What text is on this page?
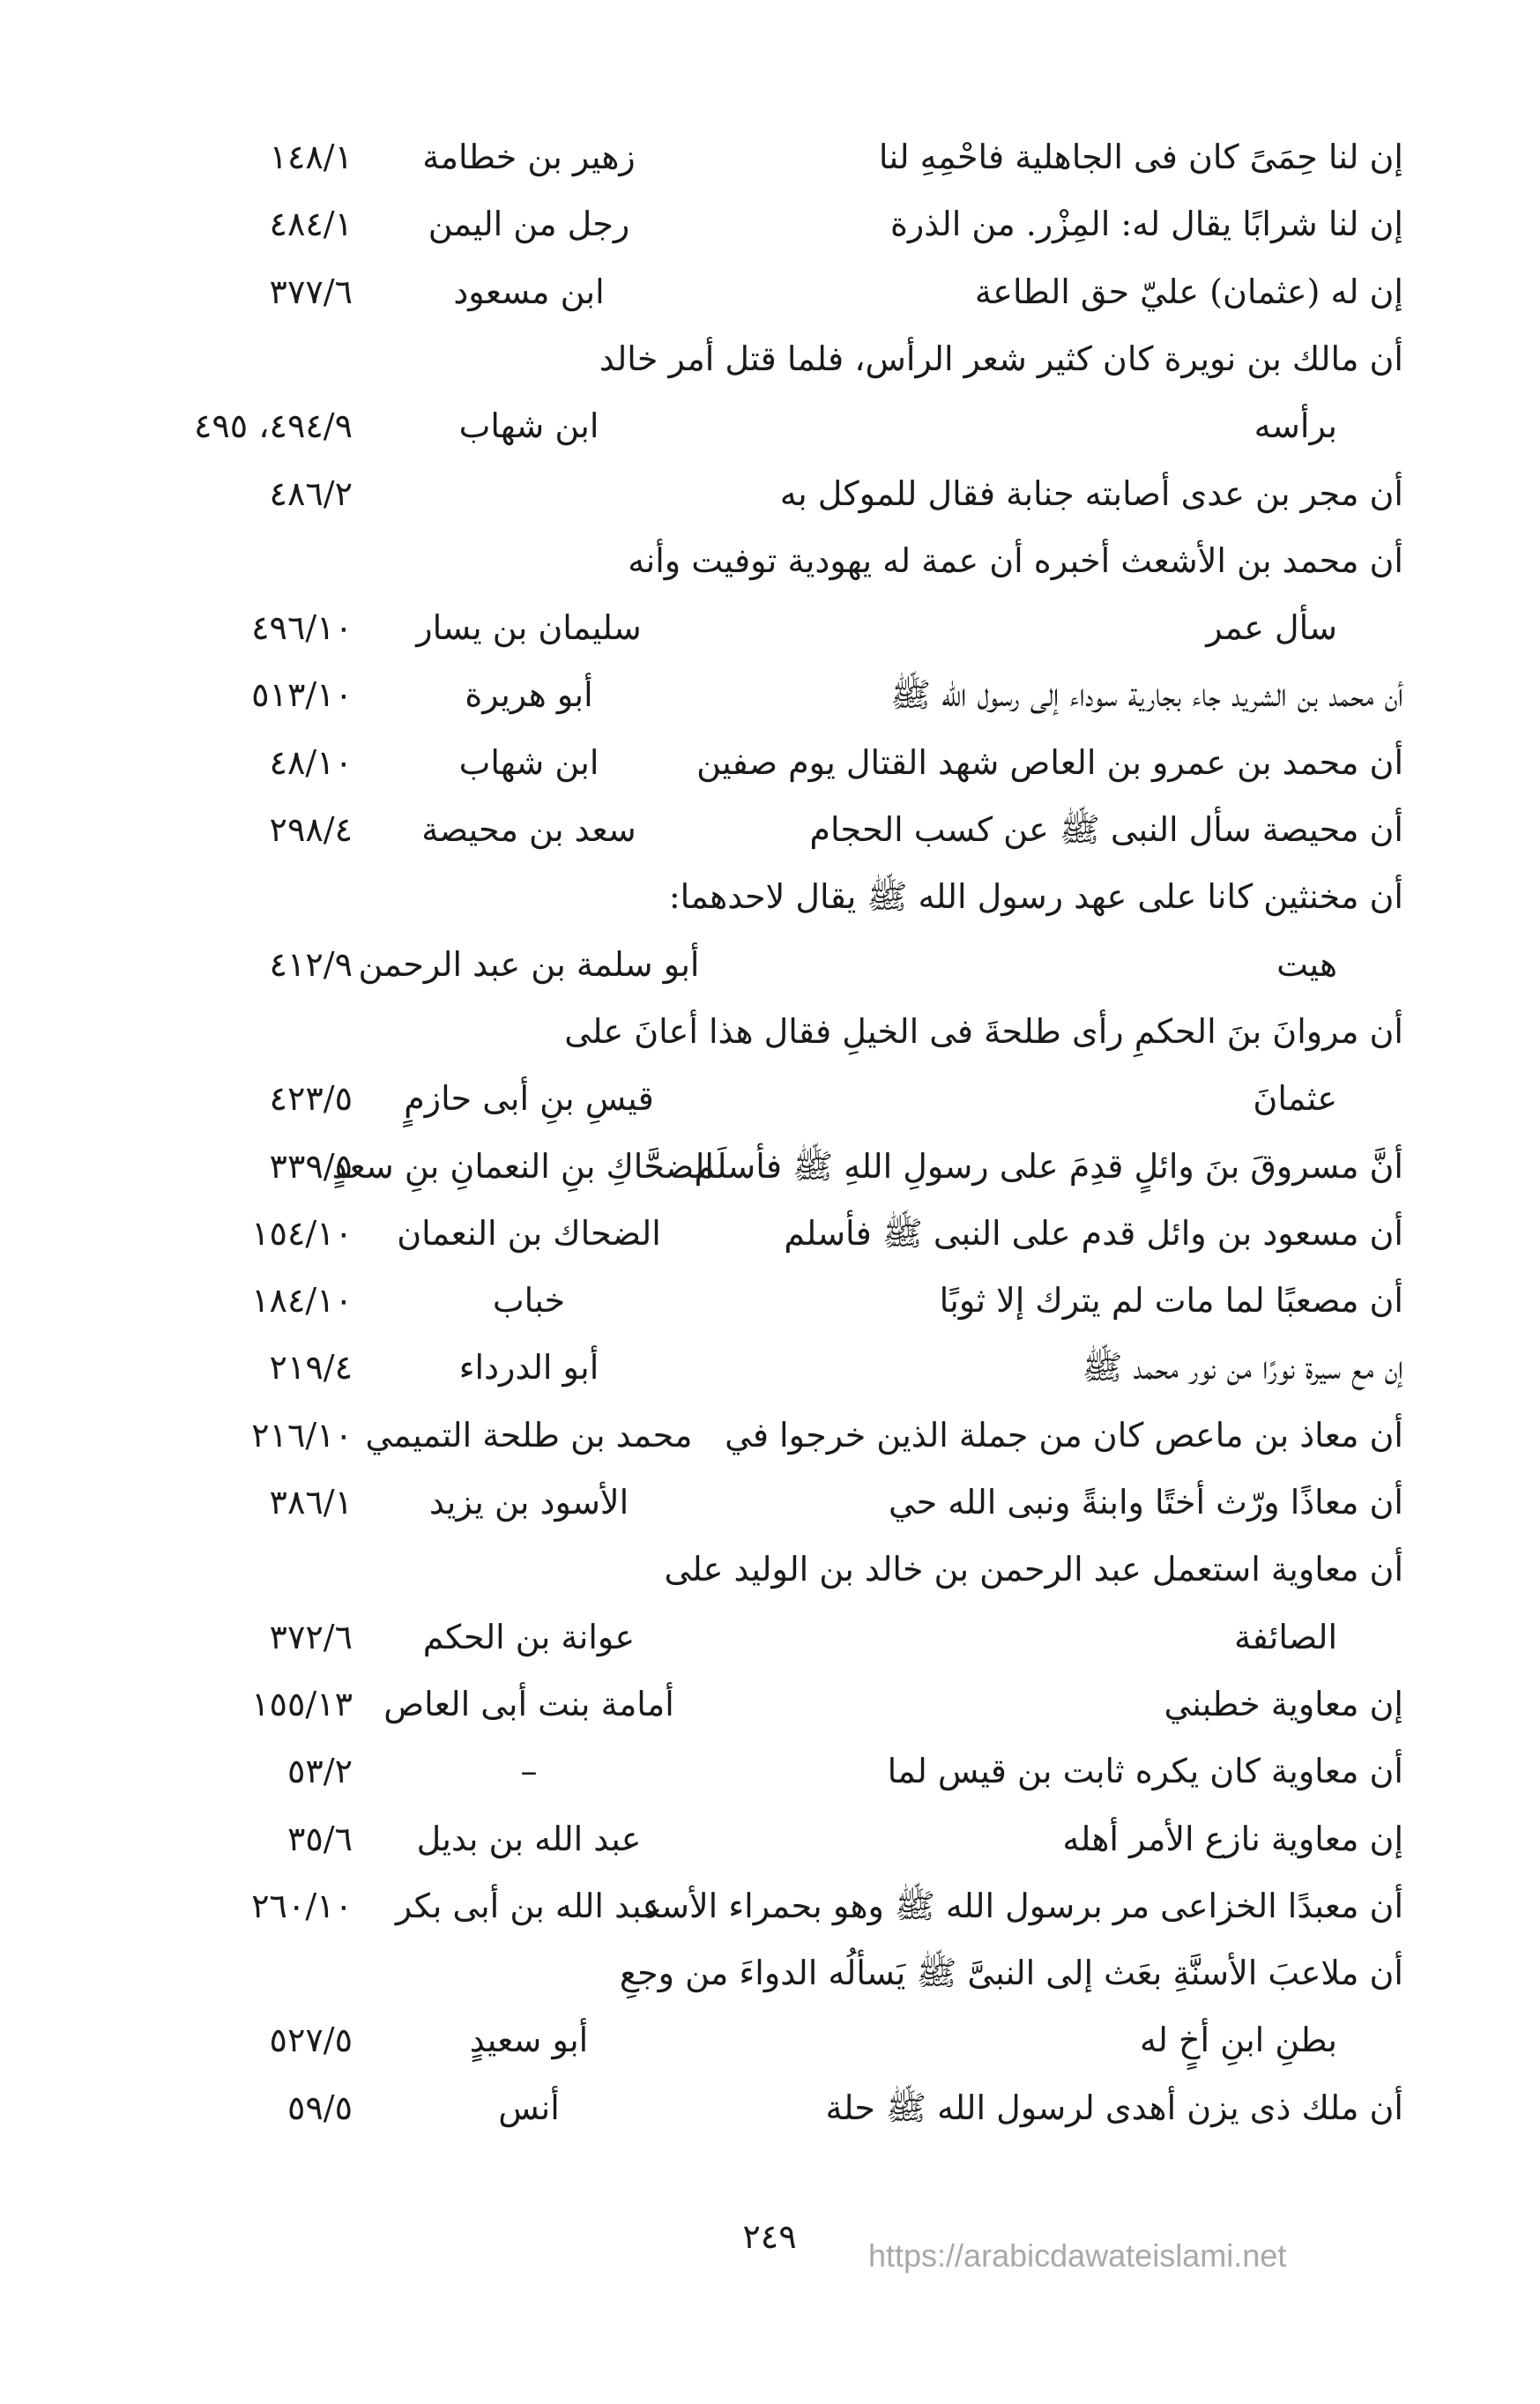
إن لنا حِمَىً كان فى الجاهلية فاحْمِهِ لنا
زهير بن خطامة
١٤٨/١
إن لنا شرابًا يقال له: المِزْر. من الذرة
رجل من اليمن
٤٨٤/١
إن له (عثمان) عليّ حق الطاعة
ابن مسعود
٣٧٧/٦
أن مالك بن نويرة كان كثير شعر الرأس، فلما قتل أمر خالد
برأسه
ابن شهاب
٤٩٤/٩، ٤٩٥
أن مجر بن عدى أصابته جنابة فقال للموكل به
٤٨٦/٢
أن محمد بن الأشعث أخبره أن عمة له يهودية توفيت وأنه
سأل عمر
سليمان بن يسار
٤٩٦/١٠
أن محمد بن الشريد جاء بجارية سوداء إلى رسول الله ﷺ
أبو هريرة
٥١٣/١٠
أن محمد بن عمرو بن العاص شهد القتال يوم صفين
ابن شهاب
٤٨/١٠
أن محيصة سأل النبى ﷺ عن كسب الحجام
سعد بن محيصة
٢٩٨/٤
أن مخنثين كانا على عهد رسول الله ﷺ يقال لاحدهما:
هيت
أبو سلمة بن عبد الرحمن
٤١٢/٩
أن مروانَ بنَ الحكمِ رأى طلحةَ فى الخيلِ فقال هذا أعانَ على
عثمانَ
قيسِ بنِ أبى حازمٍ
٤٢٣/٥
أنَّ مسروقَ بنَ وائلٍ قدِمَ على رسولِ اللهِ ﷺ فأسلَم
الضحَّاكِ بنِ النعمانِ بنِ سعدٍ
٣٣٩/٥
أن مسعود بن وائل قدم على النبى ﷺ فأسلم
الضحاك بن النعمان
١٥٤/١٠
أن مصعبًا لما مات لم يترك إلا ثوبًا
خباب
١٨٤/١٠
إن مع سيرة نورًا من نور محمد ﷺ
أبو الدرداء
٢١٩/٤
أن معاذ بن ماعص كان من جملة الذين خرجوا في
محمد بن طلحة التميمي
٢١٦/١٠
أن معاذًا ورّث أختًا وابنةً ونبى الله حي
الأسود بن يزيد
٣٨٦/١
أن معاوية استعمل عبد الرحمن بن خالد بن الوليد على
الصائفة
عوانة بن الحكم
٣٧٢/٦
إن معاوية خطبني
أمامة بنت أبى العاص
١٥٥/١٣
أن معاوية كان يكره ثابت بن قيس لما
–
٥٣/٢
إن معاوية نازع الأمر أهله
عبد الله بن بديل
٣٥/٦
أن معبدًا الخزاعى مر برسول الله ﷺ وهو بحمراء الأسد
عبد الله بن أبى بكر
٢٦٠/١٠
أن ملاعبَ الأسنَّةِ بعَث إلى النبىَّ ﷺ يَسألُه الدواءَ من وجعِ
بطنِ ابنِ أخٍ له
أبو سعيدٍ
٥٢٧/٥
أن ملك ذى يزن أهدى لرسول الله ﷺ حلة
أنس
٥٩/٥
٢٤٩	https://arabicdawateislami.net
